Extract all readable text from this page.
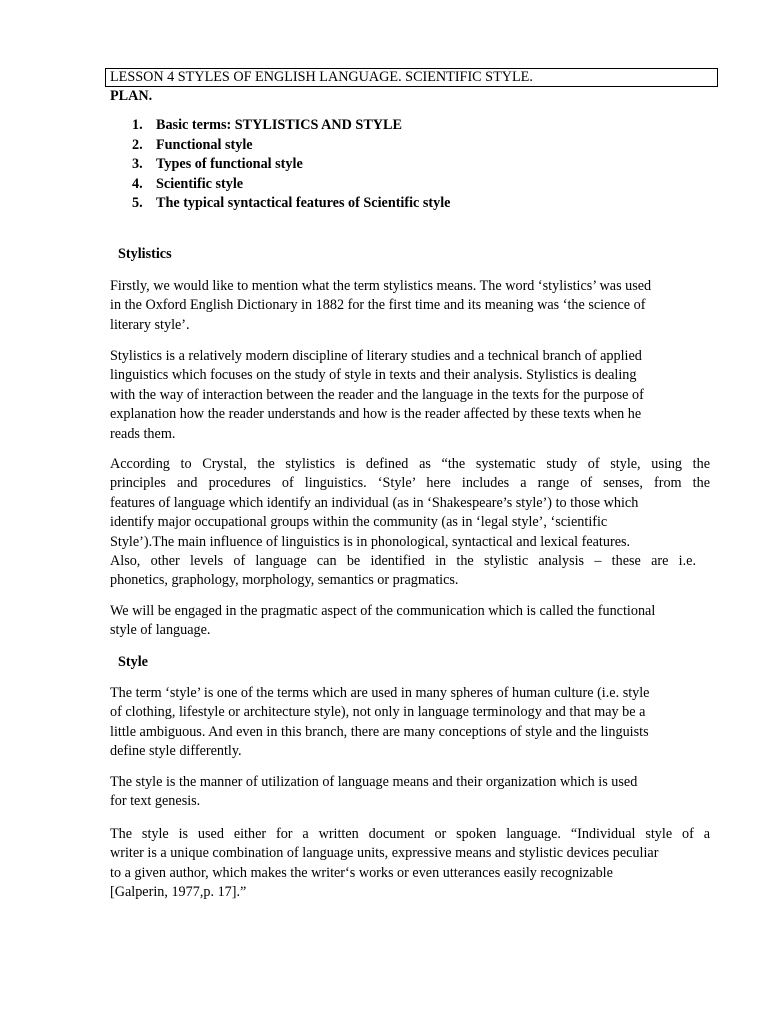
LESSON 4 STYLES OF ENGLISH LANGUAGE. SCIENTIFIC STYLE.
PLAN.
1. Basic terms: STYLISTICS AND STYLE
2. Functional style
3. Types of functional style
4. Scientific style
5. The typical syntactical features of Scientific style
Stylistics

Firstly, we would like to mention what the term stylistics means. The word ‘stylistics’ was used
in the Oxford English Dictionary in 1882 for the first time and its meaning was ‘the science of
literary style’.

Stylistics is a relatively modern discipline of literary studies and a technical branch of applied
linguistics which focuses on the study of style in texts and their analysis. Stylistics is dealing
with the way of interaction between the reader and the language in the texts for the purpose of
explanation how the reader understands and how is the reader affected by these texts when he
reads them.

According to Crystal, the stylistics is defined as “the systematic study of style, using the
principles and procedures of linguistics. ‘Style’ here includes a range of senses, from the
features of language which identify an individual (as in ‘Shakespeare’s style’) to those which
identify major occupational groups within the community (as in ‘legal style’, ‘scientific
Style’).The main influence of linguistics is in phonological, syntactical and lexical features.
Also, other levels of language can be identified in the stylistic analysis – these are i.e.
phonetics, graphology, morphology, semantics or pragmatics.

We will be engaged in the pragmatic aspect of the communication which is called the functional
style of language.

Style

The term ‘style’ is one of the terms which are used in many spheres of human culture (i.e. style
of clothing, lifestyle or architecture style), not only in language terminology and that may be a
little ambiguous. And even in this branch, there are many conceptions of style and the linguists
define style differently.

The style is the manner of utilization of language means and their organization which is used
for text genesis.

The style is used either for a written document or spoken language. “Individual style of a
writer is a unique combination of language units, expressive means and stylistic devices peculiar
to a given author, which makes the writer‘s works or even utterances easily recognizable
[Galperin, 1977,p. 17].”
